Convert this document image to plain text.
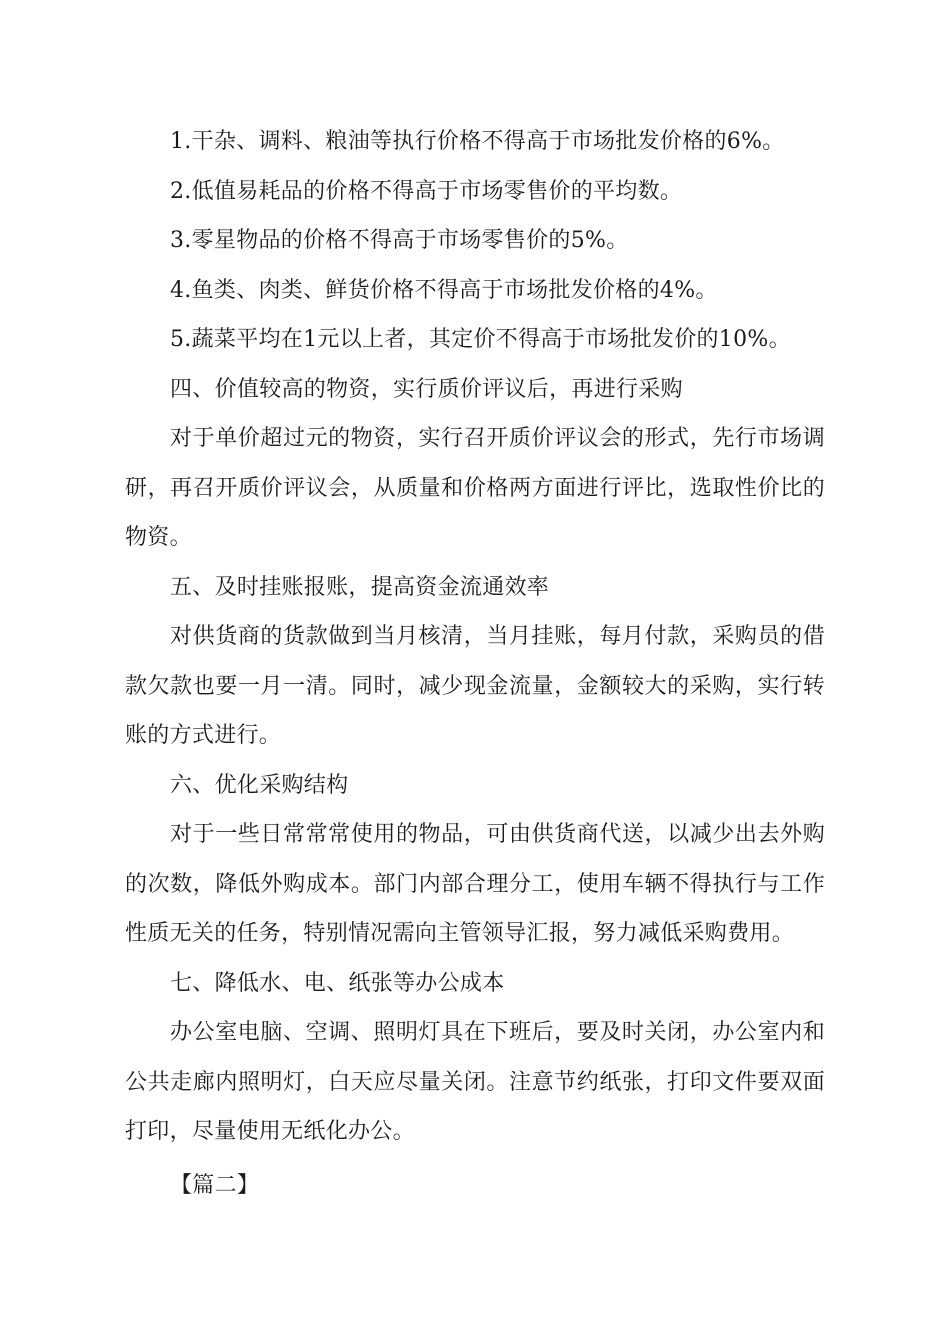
1.干杂、调料、粮油等执行价格不得高于市场批发价格的6%。

2.低值易耗品的价格不得高于市场零售价的平均数。

3.零星物品的价格不得高于市场零售价的5%。

4.鱼类、肉类、鲜货价格不得高于市场批发价格的4%。

5.蔬菜平均在1元以上者，其定价不得高于市场批发价的10%。

四、价值较高的物资，实行质价评议后，再进行采购

对于单价超过元的物资，实行召开质价评议会的形式，先行市场调研，再召开质价评议会，从质量和价格两方面进行评比，选取性价比的物资。

五、及时挂账报账，提高资金流通效率

对供货商的货款做到当月核清，当月挂账，每月付款，采购员的借款欠款也要一月一清。同时，减少现金流量，金额较大的采购，实行转账的方式进行。

六、优化采购结构

对于一些日常常常使用的物品，可由供货商代送，以减少出去外购的次数，降低外购成本。部门内部合理分工，使用车辆不得执行与工作性质无关的任务，特别情况需向主管领导汇报，努力减低采购费用。

七、降低水、电、纸张等办公成本

办公室电脑、空调、照明灯具在下班后，要及时关闭，办公室内和公共走廊内照明灯，白天应尽量关闭。注意节约纸张，打印文件要双面打印，尽量使用无纸化办公。

【篇二】
